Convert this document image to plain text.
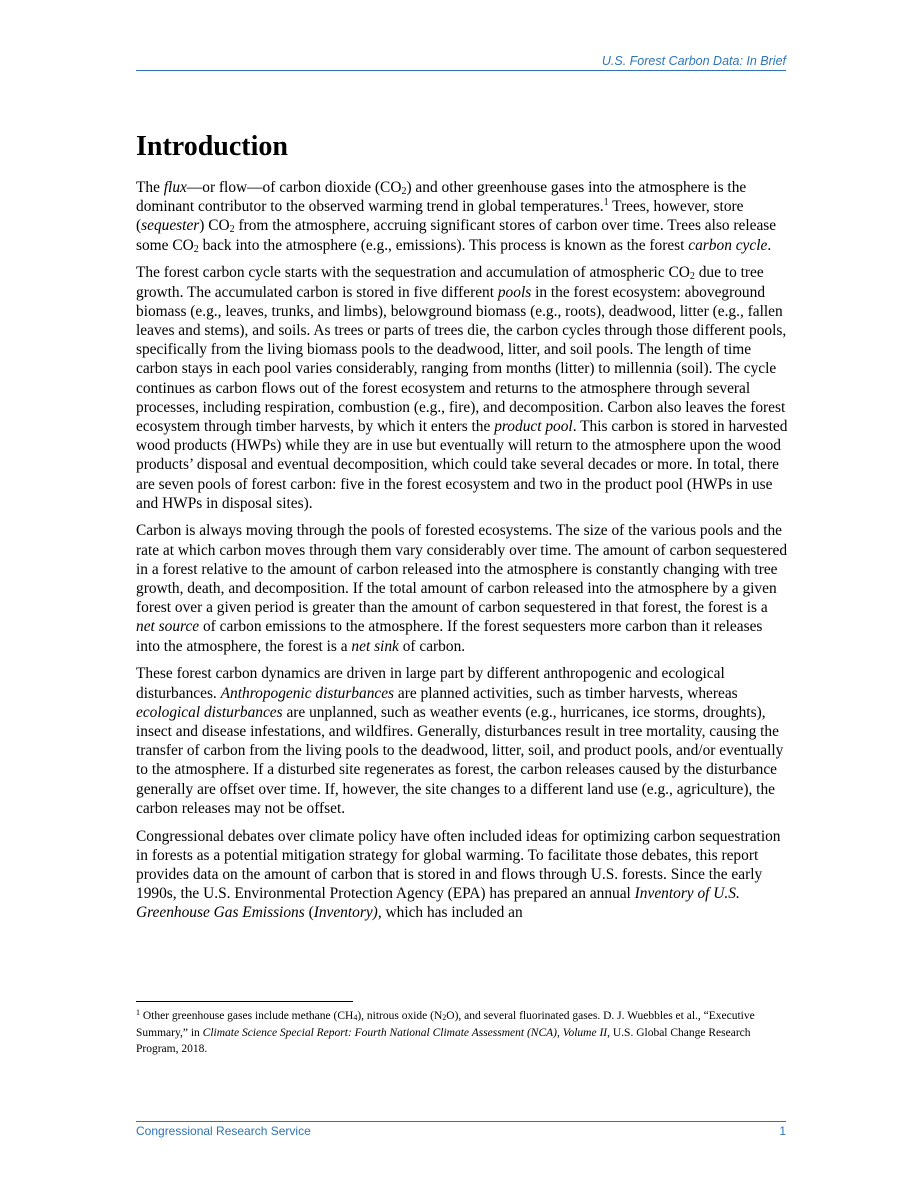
U.S. Forest Carbon Data: In Brief
Introduction

The flux—or flow—of carbon dioxide $(CO_2)$ and other greenhouse gases into the atmosphere is the dominant contributor to the observed warming trend in global temperatures.$^1$ Trees, however, store (sequester) $CO_2$ from the atmosphere, accruing significant stores of carbon over time. Trees also release some $CO_2$ back into the atmosphere (e.g., emissions). This process is known as the forest carbon cycle.

The forest carbon cycle starts with the sequestration and accumulation of atmospheric $CO_2$ due to tree growth. The accumulated carbon is stored in five different pools in the forest ecosystem: aboveground biomass (e.g., leaves, trunks, and limbs), belowground biomass (e.g., roots), deadwood, litter (e.g., fallen leaves and stems), and soils. As trees or parts of trees die, the carbon cycles through those different pools, specifically from the living biomass pools to the deadwood, litter, and soil pools. The length of time carbon stays in each pool varies considerably, ranging from months (litter) to millennia (soil). The cycle continues as carbon flows out of the forest ecosystem and returns to the atmosphere through several processes, including respiration, combustion (e.g., fire), and decomposition. Carbon also leaves the forest ecosystem through timber harvests, by which it enters the product pool. This carbon is stored in harvested wood products (HWPs) while they are in use but eventually will return to the atmosphere upon the wood products’ disposal and eventual decomposition, which could take several decades or more. In total, there are seven pools of forest carbon: five in the forest ecosystem and two in the product pool (HWPs in use and HWPs in disposal sites).

Carbon is always moving through the pools of forested ecosystems. The size of the various pools and the rate at which carbon moves through them vary considerably over time. The amount of carbon sequestered in a forest relative to the amount of carbon released into the atmosphere is constantly changing with tree growth, death, and decomposition. If the total amount of carbon released into the atmosphere by a given forest over a given period is greater than the amount of carbon sequestered in that forest, the forest is a net source of carbon emissions to the atmosphere. If the forest sequesters more carbon than it releases into the atmosphere, the forest is a net sink of carbon.

These forest carbon dynamics are driven in large part by different anthropogenic and ecological disturbances. Anthropogenic disturbances are planned activities, such as timber harvests, whereas ecological disturbances are unplanned, such as weather events (e.g., hurricanes, ice storms, droughts), insect and disease infestations, and wildfires. Generally, disturbances result in tree mortality, causing the transfer of carbon from the living pools to the deadwood, litter, soil, and product pools, and/or eventually to the atmosphere. If a disturbed site regenerates as forest, the carbon releases caused by the disturbance generally are offset over time. If, however, the site changes to a different land use (e.g., agriculture), the carbon releases may not be offset.

Congressional debates over climate policy have often included ideas for optimizing carbon sequestration in forests as a potential mitigation strategy for global warming. To facilitate those debates, this report provides data on the amount of carbon that is stored in and flows through U.S. forests. Since the early 1990s, the U.S. Environmental Protection Agency (EPA) has prepared an annual Inventory of U.S. Greenhouse Gas Emissions (Inventory), which has included an

$^1$ Other greenhouse gases include methane $(CH_4)$, nitrous oxide $(N_2O)$, and several fluorinated gases. D. J. Wuebbles et al., “Executive Summary,” in Climate Science Special Report: Fourth National Climate Assessment (NCA), Volume II, U.S. Global Change Research Program, 2018.
Congressional Research Service	1
